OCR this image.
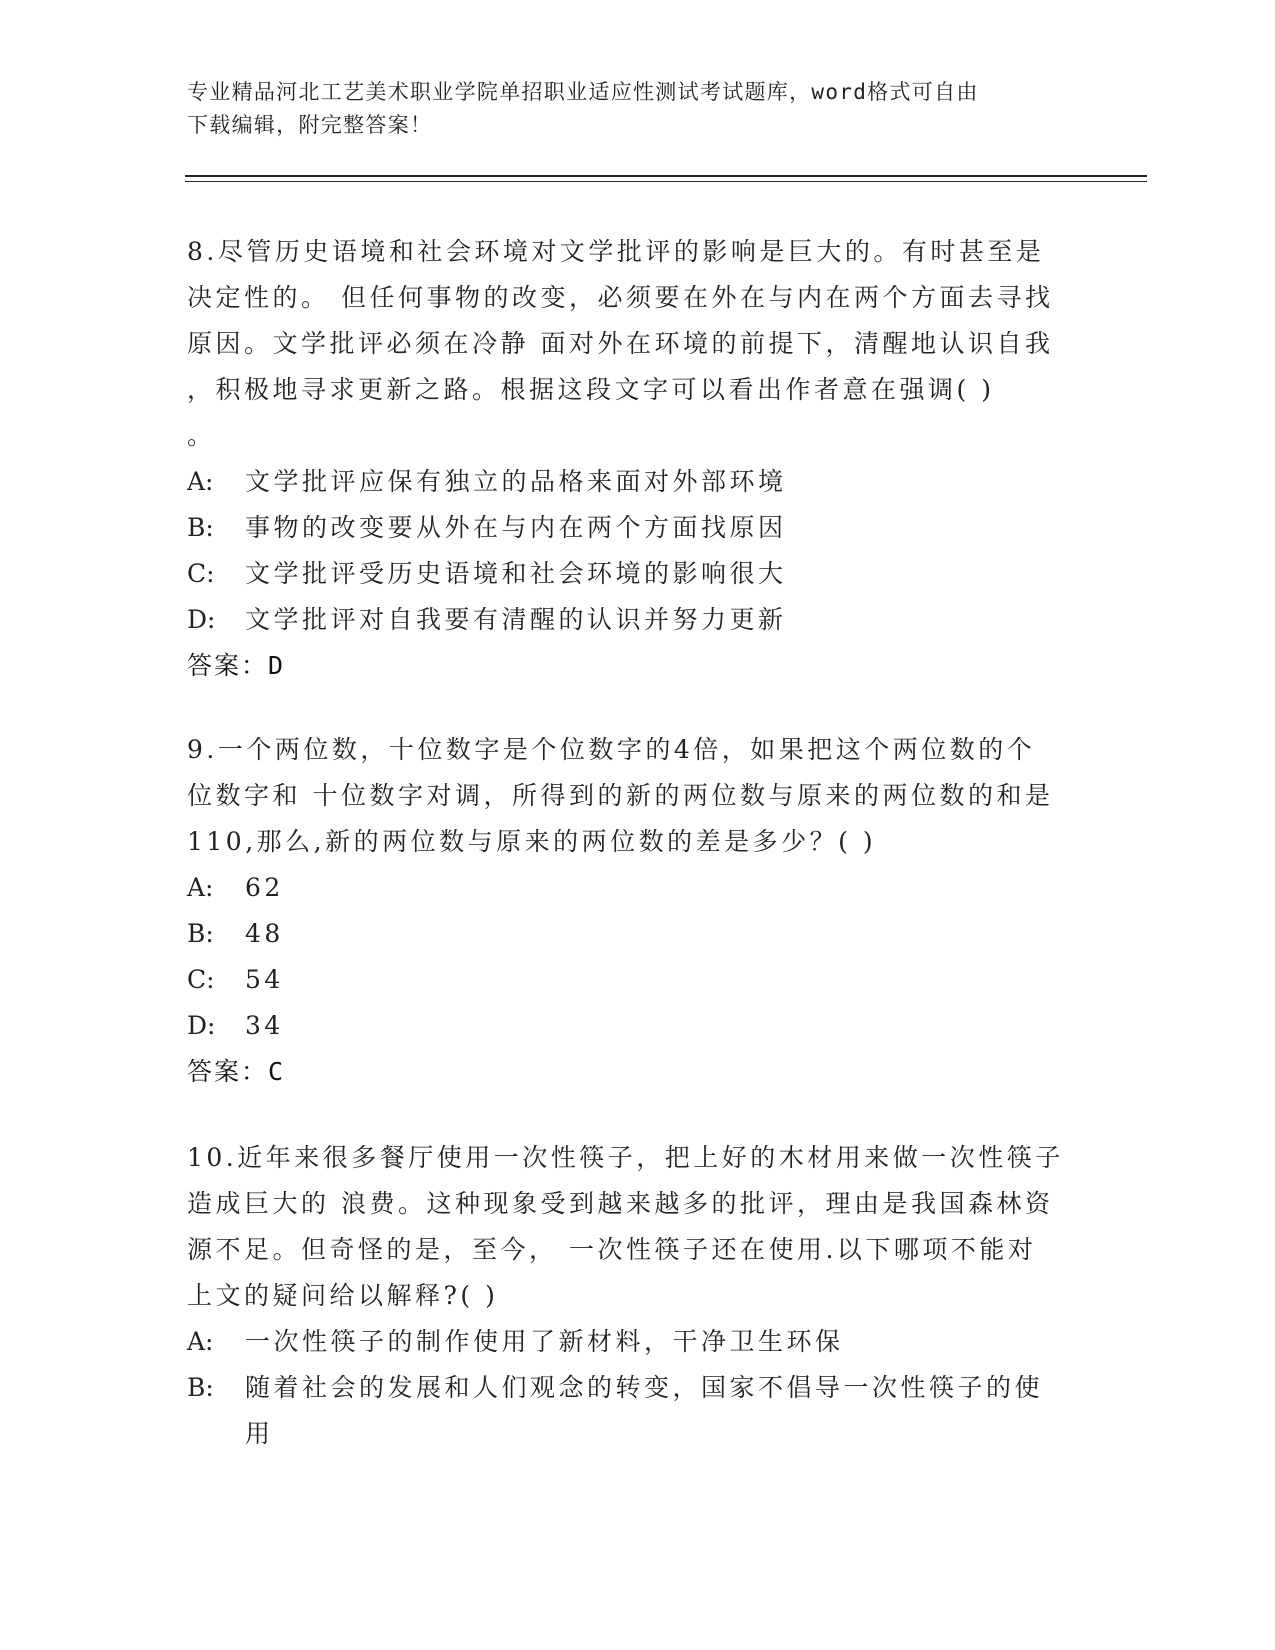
专业精品河北工艺美术职业学院单招职业适应性测试考试题库，word格式可自由
下载编辑，附完整答案！

8.尽管历史语境和社会环境对文学批评的影响是巨大的。有时甚至是

决定性的。 但任何事物的改变，必须要在外在与内在两个方面去寻找

原因。文学批评必须在冷静 面对外在环境的前提下，清醒地认识自我

，积极地寻求更新之路。根据这段文字可以看出作者意在强调( )

。

A:	文学批评应保有独立的品格来面对外部环境
B:	事物的改变要从外在与内在两个方面找原因
C:	文学批评受历史语境和社会环境的影响很大
D:	文学批评对自我要有清醒的认识并努力更新

答案：D

9.一个两位数，十位数字是个位数字的4倍，如果把这个两位数的个

位数字和 十位数字对调，所得到的新的两位数与原来的两位数的和是

110,那么,新的两位数与原来的两位数的差是多少？( )

A:	62
B:	48
C:	54
D:	34

答案：C

10.近年来很多餐厅使用一次性筷子，把上好的木材用来做一次性筷子

造成巨大的 浪费。这种现象受到越来越多的批评，理由是我国森林资

源不足。但奇怪的是，至今， 一次性筷子还在使用.以下哪项不能对

上文的疑问给以解释?( )

A:	一次性筷子的制作使用了新材料，干净卫生环保
B:	随着社会的发展和人们观念的转变，国家不倡导一次性筷子的使用
